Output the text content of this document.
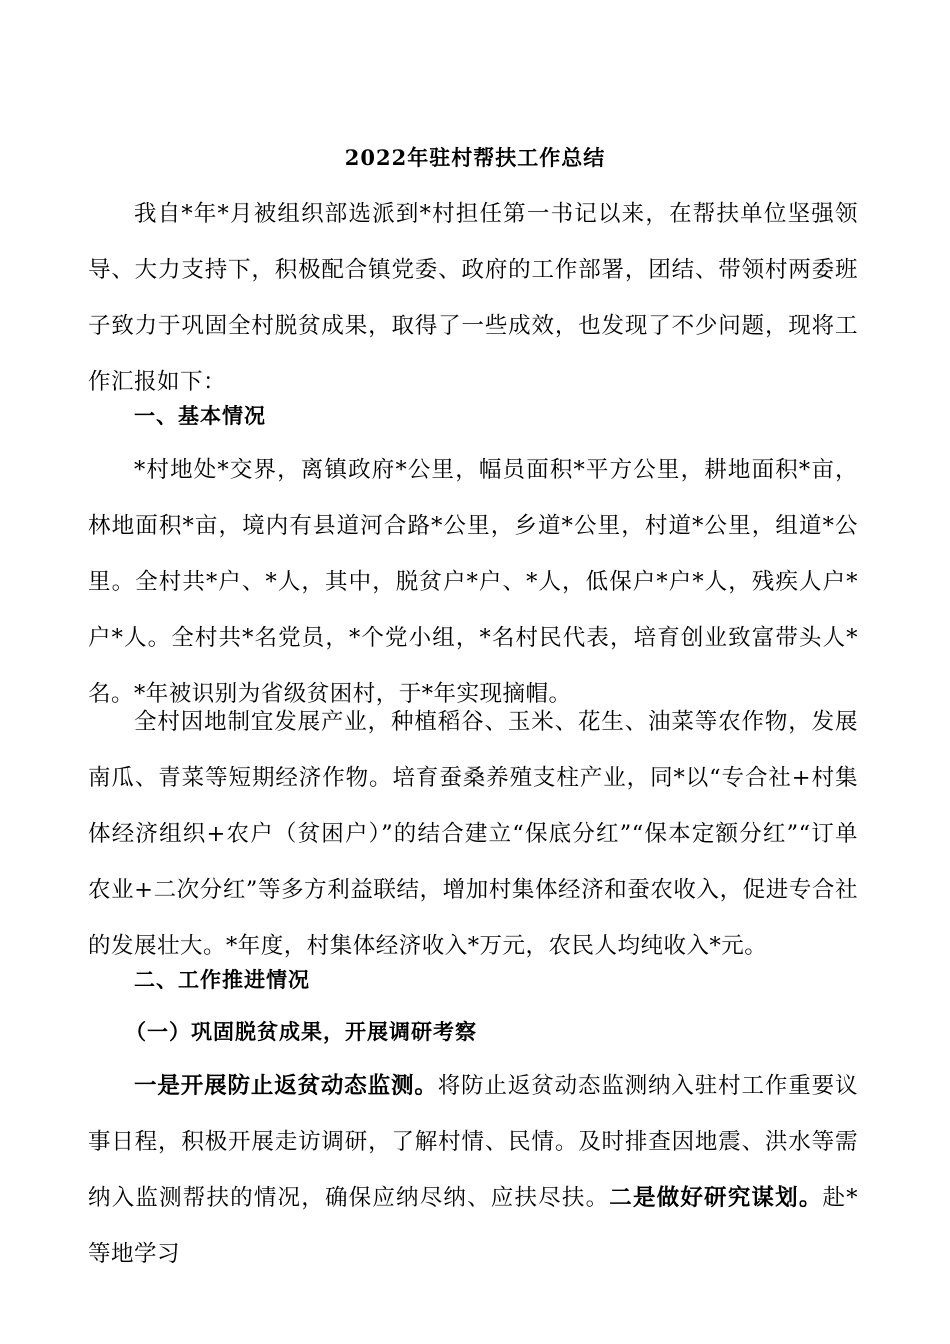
2022年驻村帮扶工作总结

我自*年*月被组织部选派到*村担任第一书记以来，在帮扶单位坚强领导、大力支持下，积极配合镇党委、政府的工作部署，团结、带领村两委班子致力于巩固全村脱贫成果，取得了一些成效，也发现了不少问题，现将工作汇报如下：

一、基本情况

*村地处*交界，离镇政府*公里，幅员面积*平方公里，耕地面积*亩，林地面积*亩，境内有县道河合路*公里，乡道*公里，村道*公里，组道*公里。全村共*户、*人，其中，脱贫户*户、*人，低保户*户*人，残疾人户*户*人。全村共*名党员，*个党小组，*名村民代表，培育创业致富带头人*名。*年被识别为省级贫困村，于*年实现摘帽。

全村因地制宜发展产业，种植稻谷、玉米、花生、油菜等农作物，发展南瓜、青菜等短期经济作物。培育蚕桑养殖支柱产业，同*以“专合社+村集体经济组织+农户（贫困户）”的结合建立“保底分红”“保本定额分红”“订单农业+二次分红”等多方利益联结，增加村集体经济和蚕农收入，促进专合社的发展壮大。*年度，村集体经济收入*万元，农民人均纯收入*元。

二、工作推进情况
（一）巩固脱贫成果，开展调研考察

一是开展防止返贫动态监测。将防止返贫动态监测纳入驻村工作重要议事日程，积极开展走访调研，了解村情、民情。及时排查因地震、洪水等需纳入监测帮扶的情况，确保应纳尽纳、应扶尽扶。二是做好研究谋划。赴*等地学习
